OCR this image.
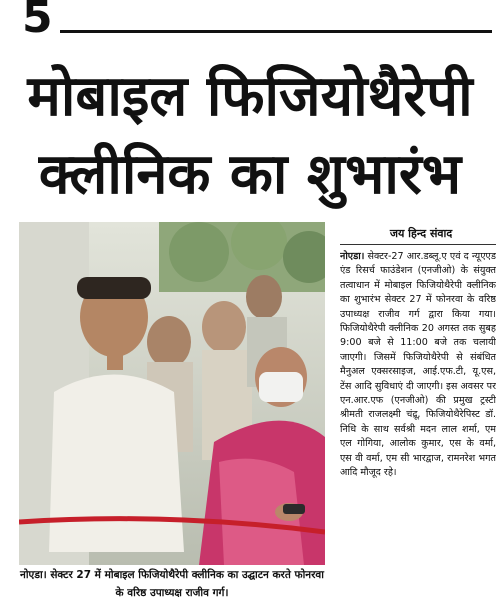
5
मोबाइल फिजियोथैरेपी
क्लीनिक का शुभारंभ
नोएडा। सेक्टर 27 में मोबाइल फिजियोथैरेपी क्लीनिक का उद्घाटन करते फोनरवा के वरिष्ठ उपाध्यक्ष राजीव गर्ग।
जय हिन्द संवाद
नोएडा। सेक्टर-27 आर.डब्लू.ए एवं द न्यूएएड एंड रिसर्च फाउंडेशन (एनजीओ) के संयुक्त तत्वाधान में मोबाइल फिजियोथैरेपी क्लीनिक का शुभारंभ सेक्टर 27 में फोनरवा के वरिष्ठ उपाध्यक्ष राजीव गर्ग द्वारा किया गया। फिजियोथैरेपी क्लीनिक 20 अगस्त तक सुबह 9:00 बजे से 11:00 बजे तक चलायी जाएगी। जिसमें फिजियोथैरेपी से संबंधित मैनुअल एक्सरसाइज, आई.एफ.टी, यू.एस, टेंस आदि सुविधाएं दी जाएगी। इस अवसर पर एन.आर.एफ (एनजीओ) की प्रमुख ट्रस्टी श्रीमती राजलक्ष्मी चंद्रू, फिजियोथैरेपिस्ट डॉ. निधि के साथ सर्वश्री मदन लाल शर्मा, एम एल गोगिया, आलोक कुमार, एस के वर्मा, एस वी वर्मा, एम सी भारद्वाज, रामनरेश भगत आदि मौजूद रहे।
